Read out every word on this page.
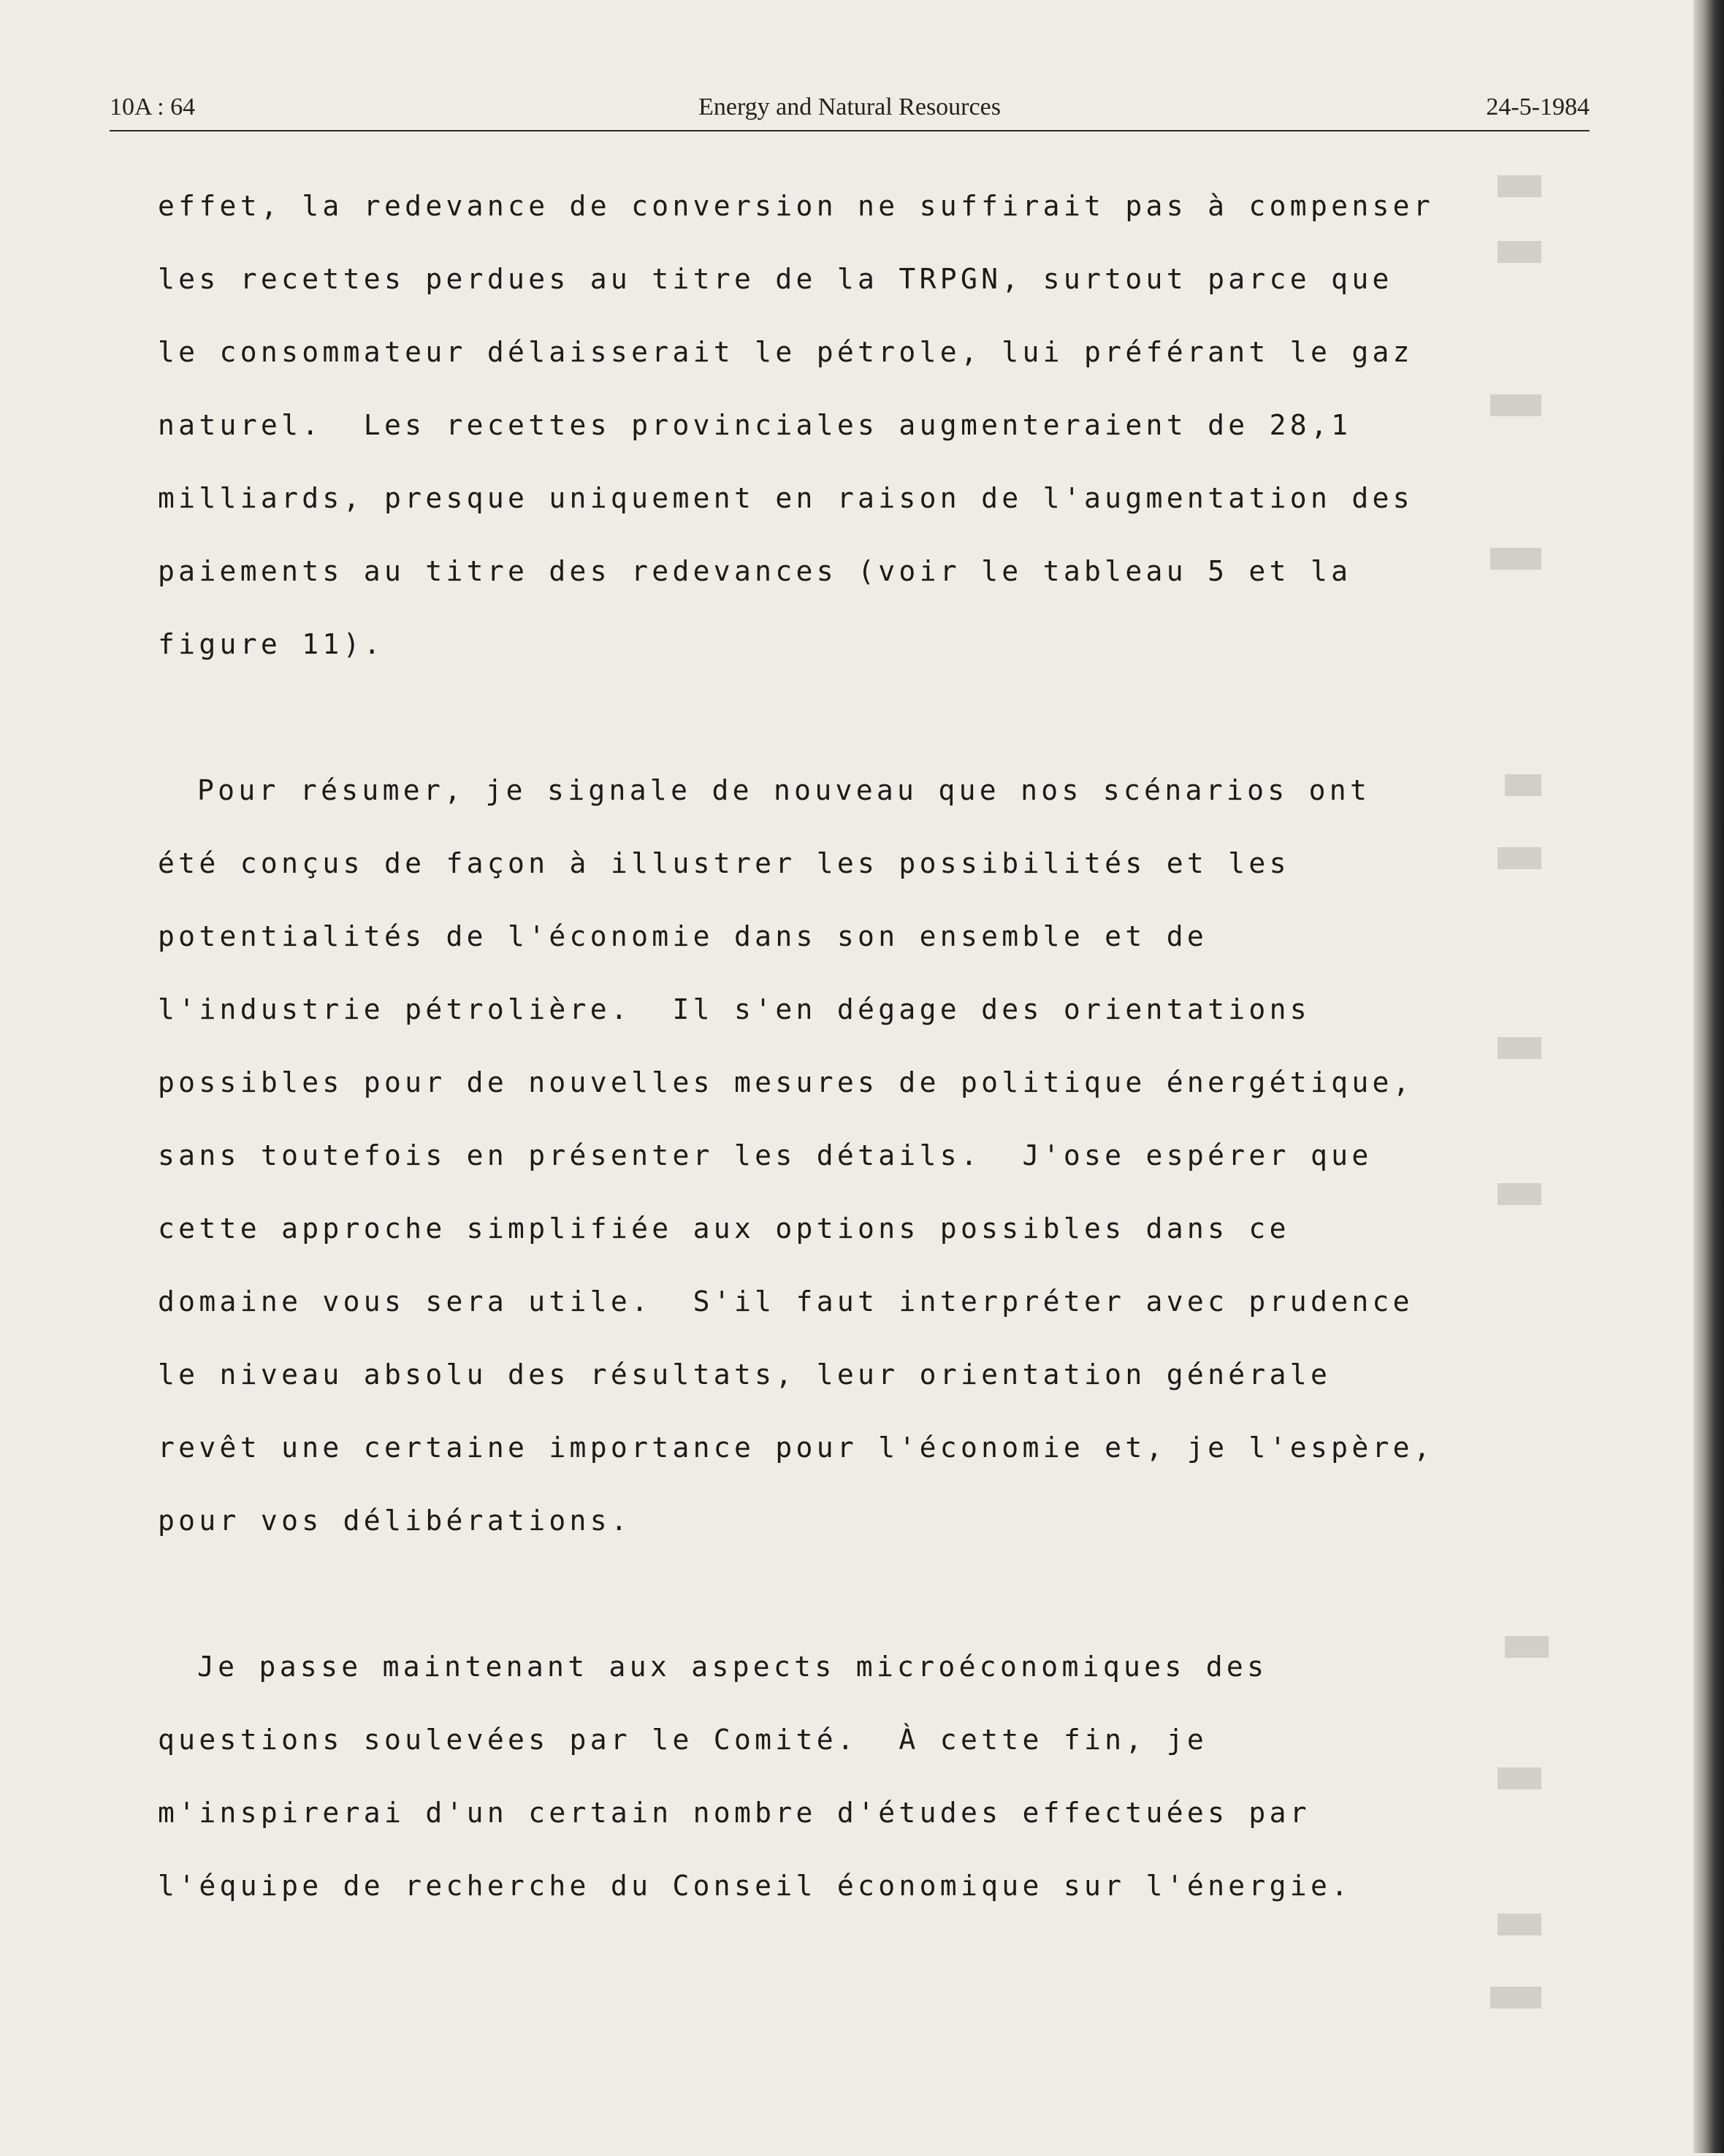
10A : 64	Energy and Natural Resources	24-5-1984
effet, la redevance de conversion ne suffirait pas à compenser
les recettes perdues au titre de la TRPGN, surtout parce que
le consommateur délaisserait le pétrole, lui préférant le gaz
naturel.  Les recettes provinciales augmenteraient de 28,1
milliards, presque uniquement en raison de l'augmentation des
paiements au titre des redevances (voir le tableau 5 et la
figure 11).
Pour résumer, je signale de nouveau que nos scénarios ont
été conçus de façon à illustrer les possibilités et les
potentialités de l'économie dans son ensemble et de
l'industrie pétrolière.  Il s'en dégage des orientations
possibles pour de nouvelles mesures de politique énergétique,
sans toutefois en présenter les détails.  J'ose espérer que
cette approche simplifiée aux options possibles dans ce
domaine vous sera utile.  S'il faut interpréter avec prudence
le niveau absolu des résultats, leur orientation générale
revêt une certaine importance pour l'économie et, je l'espère,
pour vos délibérations.
Je passe maintenant aux aspects microéconomiques des
questions soulevées par le Comité.  À cette fin, je
m'inspirerai d'un certain nombre d'études effectuées par
l'équipe de recherche du Conseil économique sur l'énergie.
